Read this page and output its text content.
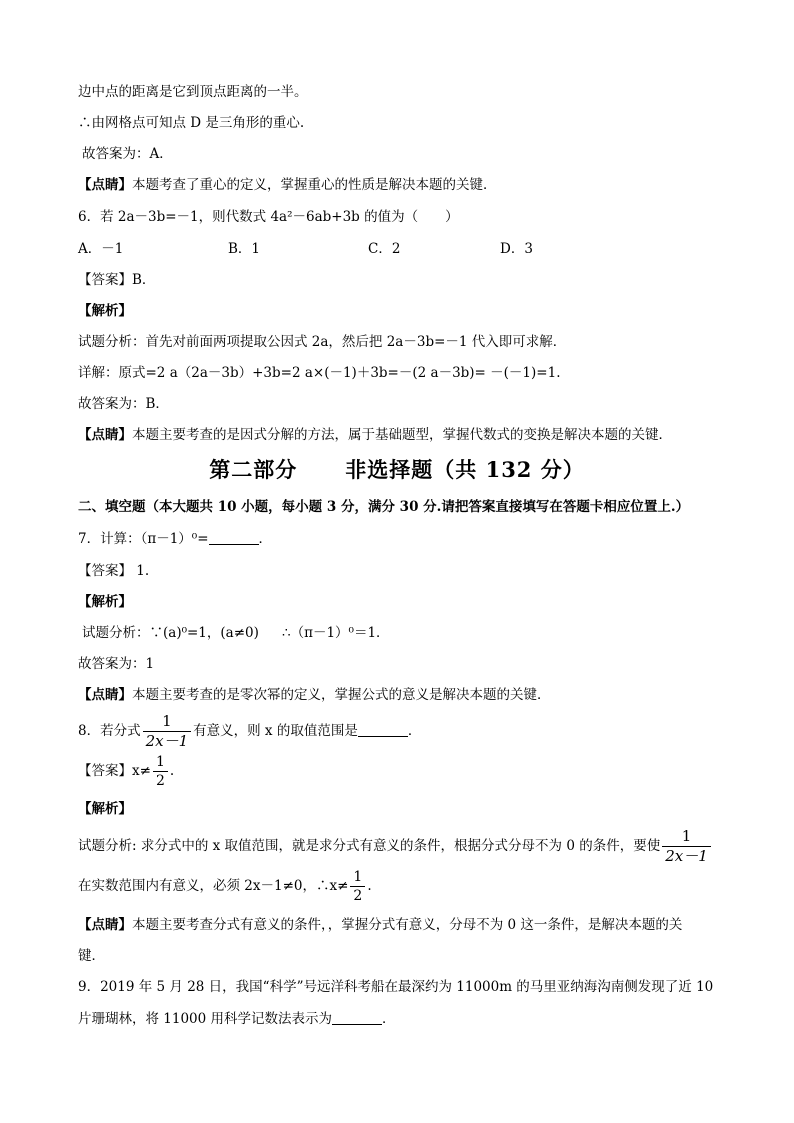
边中点的距离是它到顶点距离的一半。
∴由网格点可知点 D 是三角形的重心.
故答案为：A．
【点睛】本题考查了重心的定义，掌握重心的性质是解决本题的关键．
6．若 2a－3b=－1，则代数式 4a²－6ab+3b 的值为（　　）
A．－1	B．1	C．2	D．3
【答案】B．
【解析】
试题分析：首先对前面两项提取公因式 2a，然后把 2a－3b=－1 代入即可求解．
详解：原式=2 a（2a－3b）+3b=2 a×(－1)＋3b=－(2 a－3b)= －(－1)=1.
故答案为：B．
【点睛】本题主要考查的是因式分解的方法，属于基础题型，掌握代数式的变换是解决本题的关键．
第二部分 非选择题（共 132 分）
二、填空题（本大题共 10 小题，每小题 3 分，满分 30 分.请把答案直接填写在答题卡相应位置上.）
7．计算：（π－1）⁰=	．
【答案】 1.
【解析】
试题分析：∵(a)⁰=1，(a≠0) ∴（π－1）⁰＝1．
故答案为：1
【点睛】本题主要考查的是零次幂的定义，掌握公式的意义是解决本题的关键．
8．若分式 $\frac{1}{2x-1}$ 有意义，则 x 的取值范围是	．
【答案】$x\ne \frac{1}{2}$ .
【解析】
试题分析: 求分式中的 x 取值范围，就是求分式有意义的条件，根据分式分母不为 0 的条件，要使 $\frac{1}{2x-1}$
在实数范围内有意义，必须 2x－1≠0，∴x≠ $\frac{1}{2}$ .
【点睛】本题主要考查分式有意义的条件，，掌握分式有意义，分母不为 0 这一条件，是解决本题的关
键．
9．2019 年 5 月 28 日，我国“科学”号远洋科考船在最深约为 11000m 的马里亚纳海沟南侧发现了近 10
片珊瑚林，将 11000 用科学记数法表示为	．
